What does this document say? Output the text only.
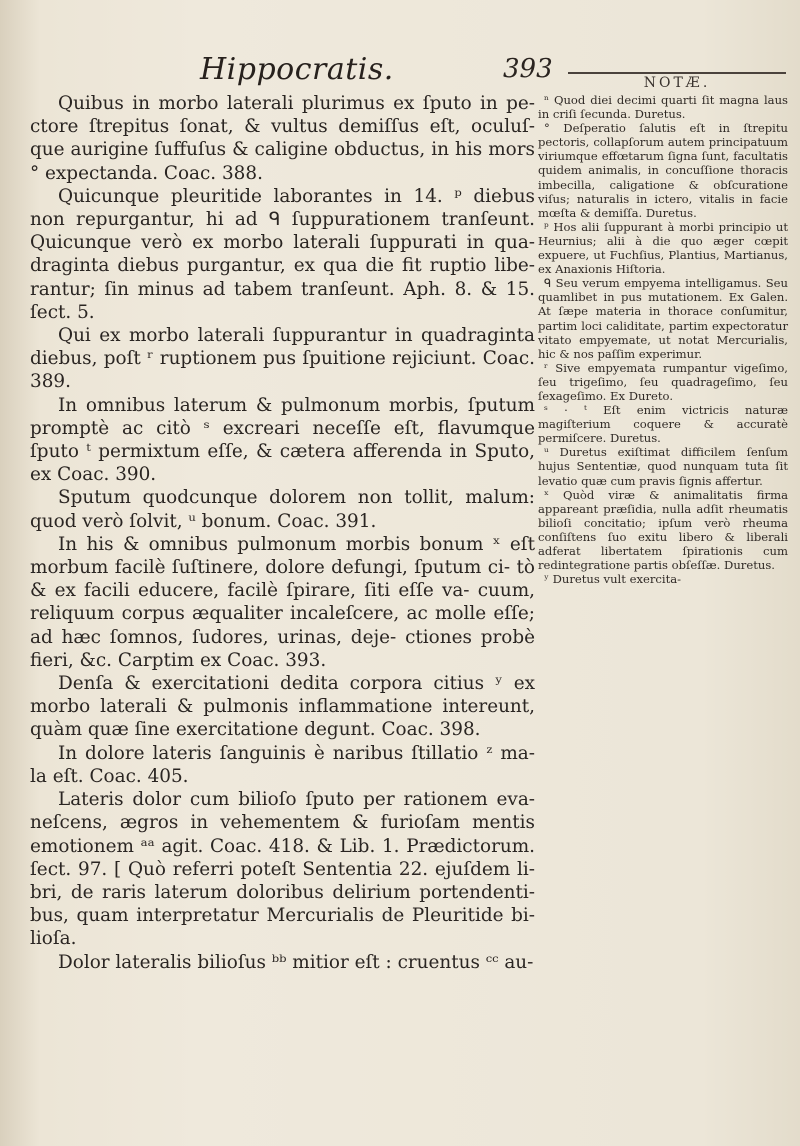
Hippocratis.	393	NOTÆ.

Quibus in morbo laterali plurimus ex ſputo in pe- ctore ſtrepitus ſonat, & vultus demiſſus eſt, oculuſ- que aurigine ſuffuſus & caligine obductus, in his mors ° expectanda. Coac. 388.

Quicunque pleuritide laborantes in 14. ᵖ diebus non repurgantur, hi ad ᑫ ſuppurationem tranſeunt. Quicunque verò ex morbo laterali ſuppurati in qua- draginta diebus purgantur, ex qua die fit ruptio libe- rantur; ſin minus ad tabem tranſeunt. Aph. 8. & 15. ſect. 5.

Qui ex morbo laterali ſuppurantur in quadraginta diebus, poſt ʳ ruptionem pus ſpuitione rejiciunt. Coac. 389.

In omnibus laterum & pulmonum morbis, ſputum promptè ac citò ˢ excreari neceſſe eſt, flavumque ſputo ᵗ permixtum eſſe, & cætera afferenda in Sputo, ex Coac. 390.

Sputum quodcunque dolorem non tollit, malum: quod verò ſolvit, ᵘ bonum. Coac. 391.

In his & omnibus pulmonum morbis bonum ˣ eſt morbum facilè ſuſtinere, dolore defungi, ſputum ci- tò & ex facili educere, facilè ſpirare, ſiti eſſe va- cuum, reliquum corpus æqualiter incaleſcere, ac molle eſſe; ad hæc ſomnos, ſudores, urinas, deje- ctiones probè fieri, &c. Carptim ex Coac. 393.

Denſa & exercitationi dedita corpora citius ʸ ex morbo laterali & pulmonis inflammatione intereunt, quàm quæ ſine exercitatione degunt. Coac. 398.

In dolore lateris ſanguinis è naribus ſtillatio ᶻ ma- la eſt. Coac. 405.

Lateris dolor cum bilioſo ſputo per rationem eva- neſcens, ægros in vehementem & furioſam mentis emotionem ᵃᵃ agit. Coac. 418. & Lib. 1. Prædictorum. ſect. 97. [ Quò referri poteſt Sententia 22. ejuſdem li- bri, de raris laterum doloribus delirium portendenti- bus, quam interpretatur Mercurialis de Pleuritide bi- lioſa.

Dolor lateralis bilioſus ᵇᵇ mitior eſt : cruentus ᶜᶜ au-

ⁿ Quod diei decimi quarti ſit magna laus in criſi ſecunda. Duretus.

° Deſperatio ſalutis eſt in ſtrepitu pectoris, collapſorum autem principatuum viriumque effœtarum ſigna ſunt, facultatis quidem animalis, in concuſſione thoracis imbecilla, caligatione & obſcuratione viſus; naturalis in ictero, vitalis in facie mœſta & demiſſa. Duretus.

ᵖ Hos alii ſuppurant à morbi principio ut Heurnius; alii à die quo æger cœpit expuere, ut Fuchſius, Plantius, Martianus, ex Anaxionis Hiſtoria.

ᑫ Seu verum empyema intelligamus. Seu quamlibet in pus mutationem. Ex Galen. At ſæpe materia in thorace conſumitur, partim loci caliditate, partim expectoratur vitato empyemate, ut notat Mercurialis, hic & nos paſſim experimur.

ʳ Sive empyemata rumpantur vigeſimo, ſeu trigeſimo, ſeu quadrageſimo, ſeu ſexageſimo. Ex Dureto.

ˢ · ᵗ Eſt enim victricis naturæ magiſterium coquere & accuratè permiſcere. Duretus.

ᵘ Duretus exiſtimat difficilem ſenſum hujus Sententiæ, quod nunquam tuta ſit levatio quæ cum pravis ſignis affertur.

ˣ Quòd viræ & animalitatis firma appareant præſidia, nulla adſit rheumatis bilioſi concitatio; ipſum verò rheuma conſiſtens ſuo exitu libero & liberali adferat libertatem ſpirationis cum redintegratione partis obſeſſæ. Duretus.

ʸ Duretus vult exercita-
